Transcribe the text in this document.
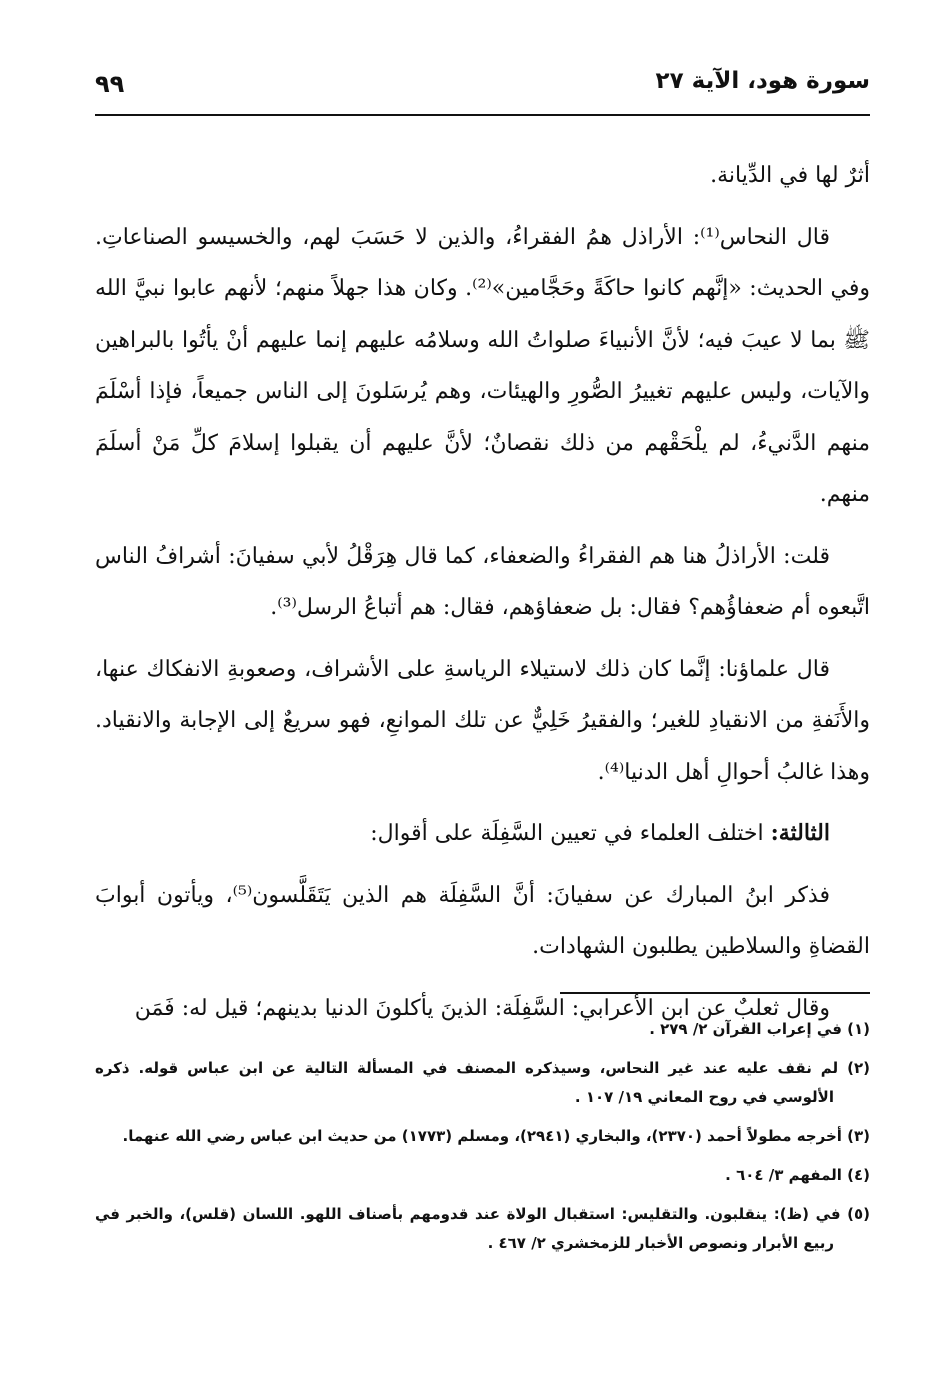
سورة هود، الآية ٢٧
٩٩

أثرٌ لها في الدِّيانة.

قال النحاس⁽¹⁾: الأراذل همُ الفقراءُ، والذين لا حَسَبَ لهم، والخسيسو الصناعاتِ. وفي الحديث: «إنَّهم كانوا حاكَةً وحَجَّامين»⁽²⁾. وكان هذا جهلاً منهم؛ لأنهم عابوا نبيَّ الله ﷺ بما لا عيبَ فيه؛ لأنَّ الأنبياءَ صلواتُ الله وسلامُه عليهم إنما عليهم أنْ يأتُوا بالبراهين والآيات، وليس عليهم تغييرُ الصُّورِ والهيئات، وهم يُرسَلونَ إلى الناس جميعاً، فإذا أسْلَمَ منهم الدَّنيءُ، لم يلْحَقْهم من ذلك نقصانٌ؛ لأنَّ عليهم أن يقبلوا إسلامَ كلِّ مَنْ أسلَمَ منهم.

قلت: الأراذلُ هنا هم الفقراءُ والضعفاء، كما قال هِرَقْلُ لأبي سفيانَ: أشرافُ الناس اتَّبعوه أم ضعفاؤُهم؟ فقال: بل ضعفاؤهم، فقال: هم أتباعُ الرسل⁽³⁾.

قال علماؤنا: إنَّما كان ذلك لاستيلاء الرياسةِ على الأشراف، وصعوبةِ الانفكاك عنها، والأَنَفةِ من الانقيادِ للغير؛ والفقيرُ خَلِيٌّ عن تلك الموانعِ، فهو سريعٌ إلى الإجابة والانقياد. وهذا غالبُ أحوالِ أهل الدنيا⁽⁴⁾.

الثالثة: اختلف العلماء في تعيين السَّفِلَة على أقوال:

فذكر ابنُ المبارك عن سفيانَ: أنَّ السَّفِلَة هم الذين يَتَقَلَّسون⁽⁵⁾، ويأتون أبوابَ القضاةِ والسلاطين يطلبون الشهادات.

وقال ثعلبٌ عن ابن الأعرابي: السَّفِلَة: الذينَ يأكلونَ الدنيا بدينهم؛ قيل له: فَمَن

(١) في إعراب القرآن ٢/ ٢٧٩ .

(٢) لم نقف عليه عند غير النحاس، وسيذكره المصنف في المسألة التالية عن ابن عباس قوله. ذكره الألوسي في روح المعاني ١٩/ ١٠٧ .

(٣) أخرجه مطولاً أحمد (٢٣٧٠)، والبخاري (٢٩٤١)، ومسلم (١٧٧٣) من حديث ابن عباس رضي الله عنهما.

(٤) المفهم ٣/ ٦٠٤ .

(٥) في (ظ): ينقلبون. والتقليس: استقبال الولاة عند قدومهم بأصناف اللهو. اللسان (قلس)، والخبر في ربيع الأبرار ونصوص الأخبار للزمخشري ٢/ ٤٦٧ .
